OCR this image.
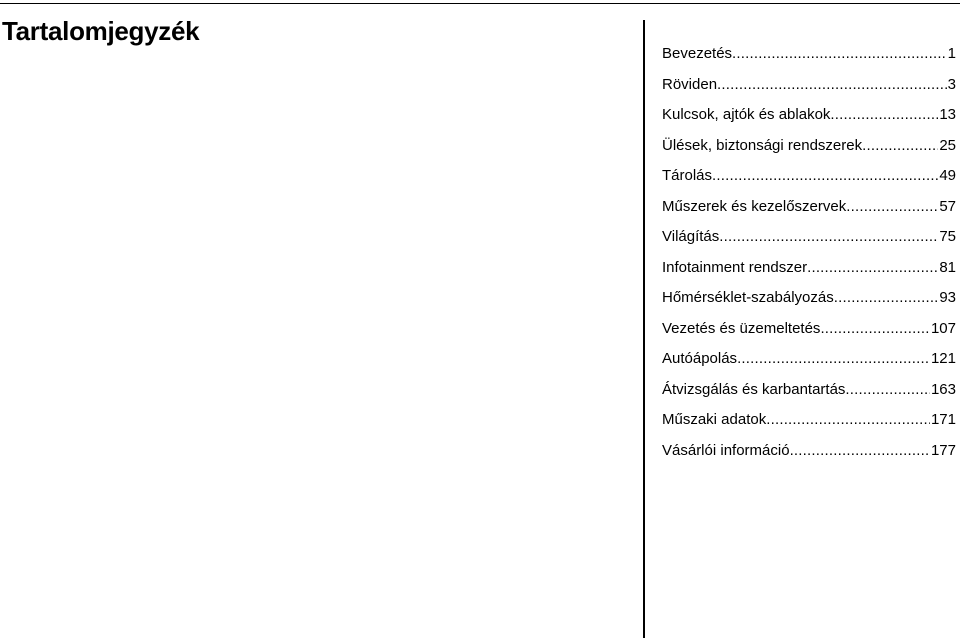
Tartalomjegyzék
Bevezetés .....	1
Röviden .....	3
Kulcsok, ajtók és ablakok .....	13
Ülések, biztonsági rendszerek .....	25
Tárolás .....	49
Műszerek és kezelőszervek .....	57
Világítás .....	75
Infotainment rendszer .....	81
Hőmérséklet-szabályozás .....	93
Vezetés és üzemeltetés .....	107
Autóápolás .....	121
Átvizsgálás és karbantartás .....	163
Műszaki adatok .....	171
Vásárlói információ .....	177
